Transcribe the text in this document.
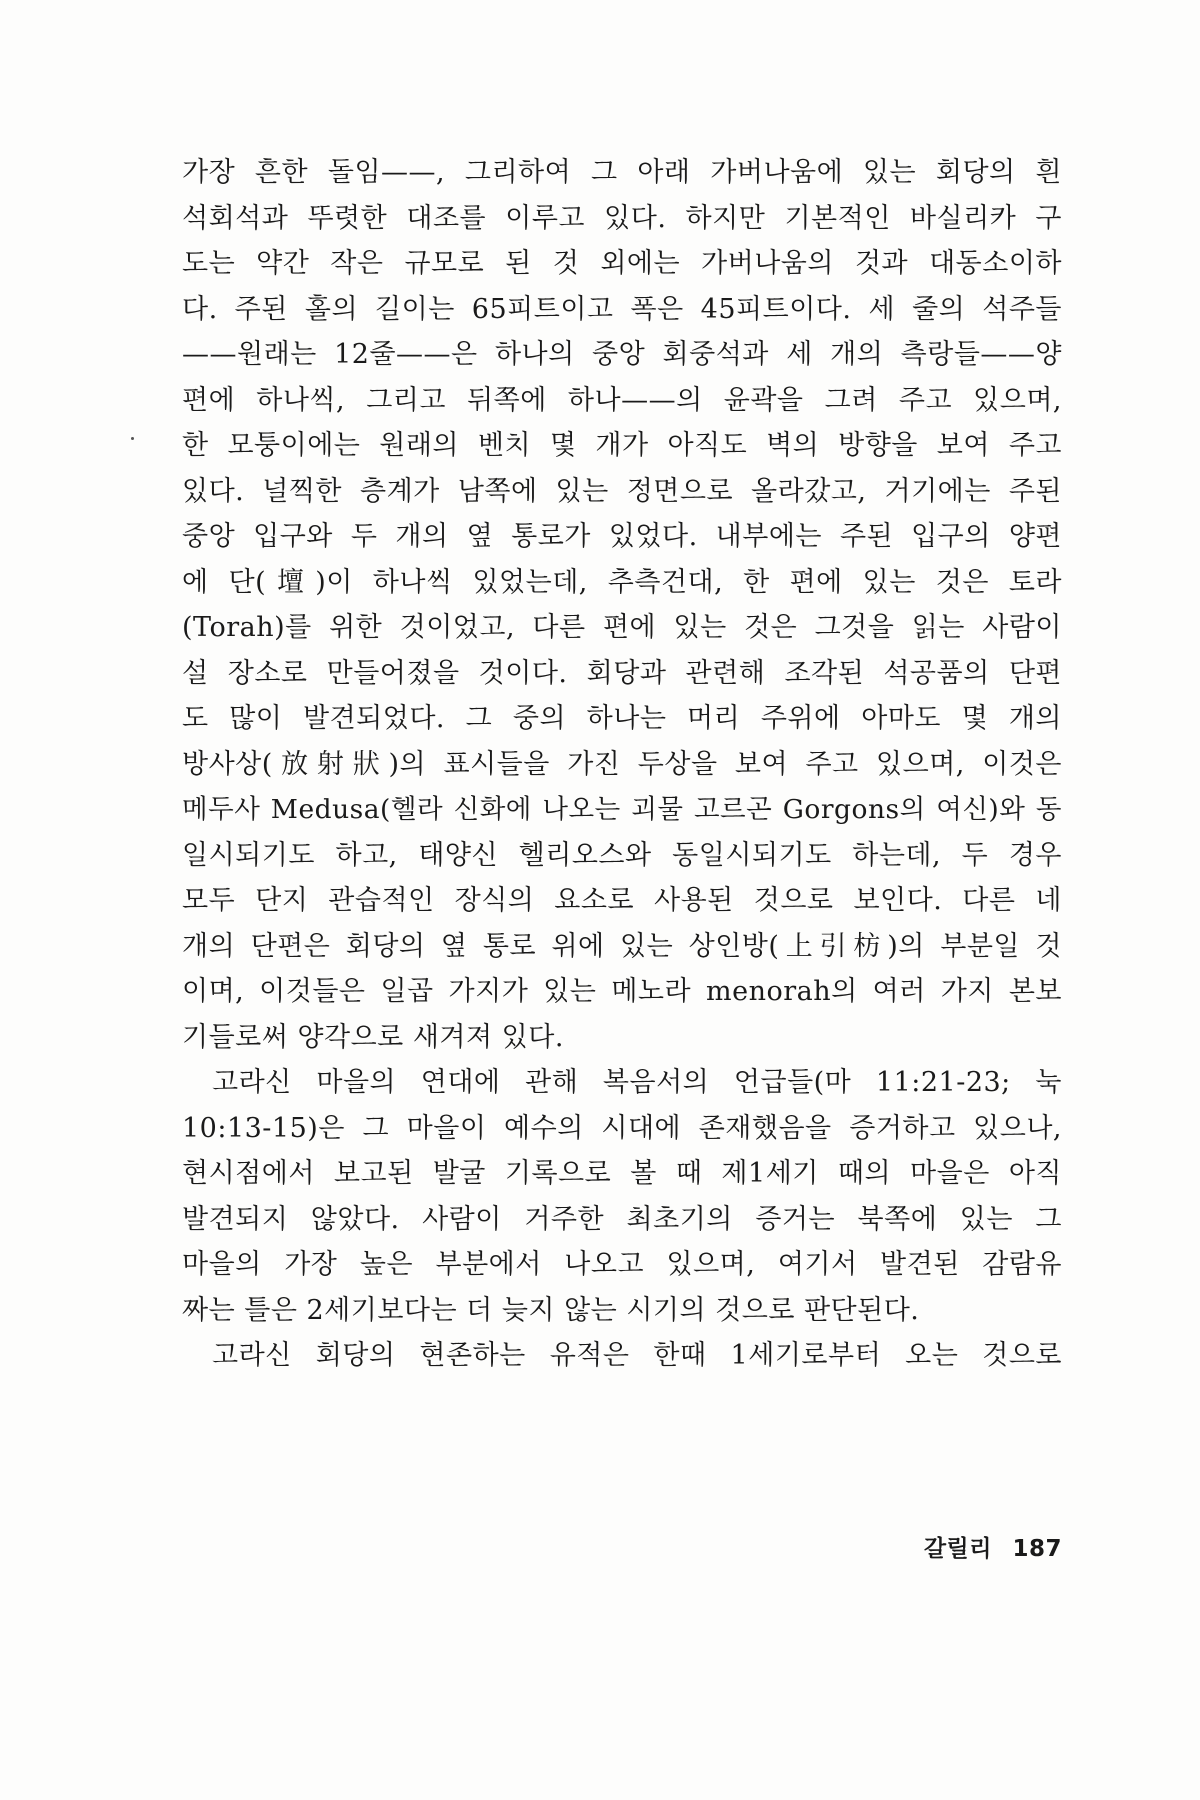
가장 흔한 돌임——, 그리하여 그 아래 가버나움에 있는 회당의 흰
석회석과 뚜렷한 대조를 이루고 있다. 하지만 기본적인 바실리카 구
도는 약간 작은 규모로 된 것 외에는 가버나움의 것과 대동소이하
다. 주된 홀의 길이는 65피트이고 폭은 45피트이다. 세 줄의 석주들
——원래는 12줄——은 하나의 중앙 회중석과 세 개의 측랑들——양
편에 하나씩, 그리고 뒤쪽에 하나——의 윤곽을 그려 주고 있으며,
한 모퉁이에는 원래의 벤치 몇 개가 아직도 벽의 방향을 보여 주고
있다. 널찍한 층계가 남쪽에 있는 정면으로 올라갔고, 거기에는 주된
중앙 입구와 두 개의 옆 통로가 있었다. 내부에는 주된 입구의 양편
에 단(壇)이 하나씩 있었는데, 추측건대, 한 편에 있는 것은 토라
(Torah)를 위한 것이었고, 다른 편에 있는 것은 그것을 읽는 사람이
설 장소로 만들어졌을 것이다. 회당과 관련해 조각된 석공품의 단편
도 많이 발견되었다. 그 중의 하나는 머리 주위에 아마도 몇 개의
방사상(放射狀)의 표시들을 가진 두상을 보여 주고 있으며, 이것은
메두사 Medusa(헬라 신화에 나오는 괴물 고르곤 Gorgons의 여신)와 동
일시되기도 하고, 태양신 헬리오스와 동일시되기도 하는데, 두 경우
모두 단지 관습적인 장식의 요소로 사용된 것으로 보인다. 다른 네
개의 단편은 회당의 옆 통로 위에 있는 상인방(上引枋)의 부분일 것
이며, 이것들은 일곱 가지가 있는 메노라 menorah의 여러 가지 본보
기들로써 양각으로 새겨져 있다.
고라신 마을의 연대에 관해 복음서의 언급들(마 11:21-23; 눅
10:13-15)은 그 마을이 예수의 시대에 존재했음을 증거하고 있으나,
현시점에서 보고된 발굴 기록으로 볼 때 제1세기 때의 마을은 아직
발견되지 않았다. 사람이 거주한 최초기의 증거는 북쪽에 있는 그
마을의 가장 높은 부분에서 나오고 있으며, 여기서 발견된 감람유
짜는 틀은 2세기보다는 더 늦지 않는 시기의 것으로 판단된다.
고라신 회당의 현존하는 유적은 한때 1세기로부터 오는 것으로
갈릴리 187
